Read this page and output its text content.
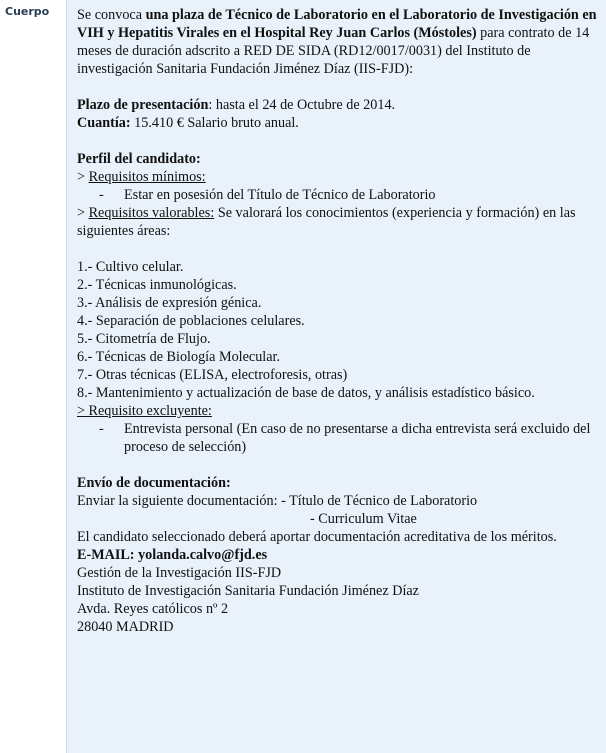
Cuerpo Se convoca una plaza de Técnico de Laboratorio en el Laboratorio de Investigación en VIH y Hepatitis Virales en el Hospital Rey Juan Carlos (Móstoles) para contrato de 14 meses de duración adscrito a RED DE SIDA (RD12/0017/0031) del Instituto de investigación Sanitaria Fundación Jiménez Díaz (IIS-FJD):

Plazo de presentación: hasta el 24 de Octubre de 2014.

Cuantía: 15.410 € Salario bruto anual.

Perfil del candidato:

> Requisitos mínimos:

- Estar en posesión del Título de Técnico de Laboratorio

> Requisitos valorables: Se valorará los conocimientos (experiencia y formación) en las siguientes áreas:

1.- Cultivo celular.

2.- Técnicas inmunológicas.

3.- Análisis de expresión génica.

4.- Separación de poblaciones celulares.

5.- Citometría de Flujo.

6.- Técnicas de Biología Molecular.

7.- Otras técnicas (ELISA, electroforesis, otras)

8.- Mantenimiento y actualización de base de datos, y análisis estadístico básico.

> Requisito excluyente:

- Entrevista personal (En caso de no presentarse a dicha entrevista será excluido del proceso de selección)

Envío de documentación:

Enviar la siguiente documentación: - Título de Técnico de Laboratorio

- Curriculum Vitae

El candidato seleccionado deberá aportar documentación acreditativa de los méritos.

E-MAIL: yolanda.calvo@fjd.es

Gestión de la Investigación IIS-FJD

Instituto de Investigación Sanitaria Fundación Jiménez Díaz

Avda. Reyes católicos nº 2

28040 MADRID
